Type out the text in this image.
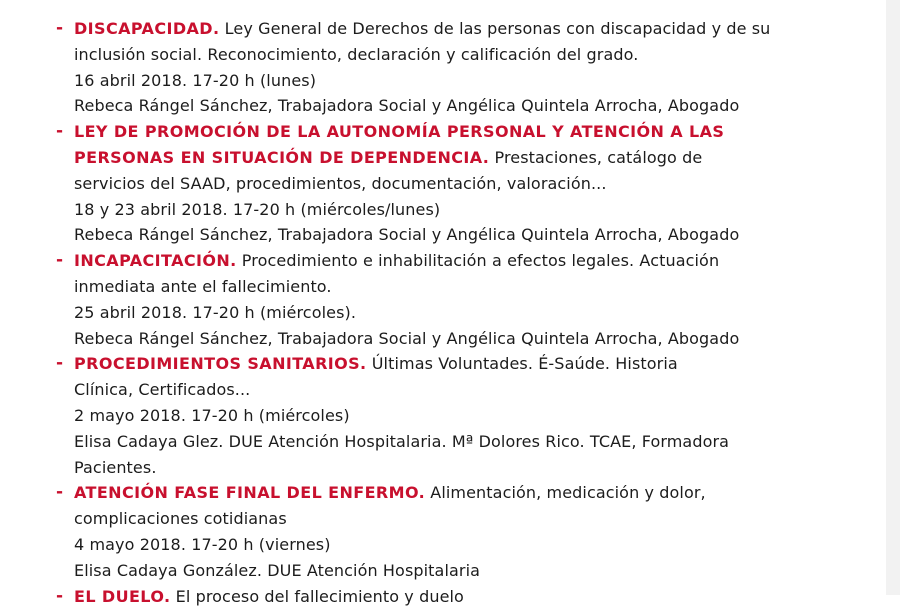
- DISCAPACIDAD. Ley General de Derechos de las personas con discapacidad y de su
inclusión social. Reconocimiento, declaración y calificación del grado.
16 abril 2018. 17-20 h (lunes)
Rebeca Rángel Sánchez, Trabajadora Social y Angélica Quintela Arrocha, Abogado
- LEY DE PROMOCIÓN DE LA AUTONOMÍA PERSONAL Y ATENCIÓN A LAS
PERSONAS EN SITUACIÓN DE DEPENDENCIA. Prestaciones, catálogo de
servicios del SAAD, procedimientos, documentación, valoración...
18 y 23 abril 2018. 17-20 h (miércoles/lunes)
Rebeca Rángel Sánchez, Trabajadora Social y Angélica Quintela Arrocha, Abogado
- INCAPACITACIÓN. Procedimiento e inhabilitación a efectos legales. Actuación
inmediata ante el fallecimiento.
25 abril 2018. 17-20 h (miércoles).
Rebeca Rángel Sánchez, Trabajadora Social y Angélica Quintela Arrocha, Abogado
- PROCEDIMIENTOS SANITARIOS. Últimas Voluntades. É-Saúde. Historia
Clínica, Certificados...
2 mayo 2018. 17-20 h (miércoles)
Elisa Cadaya Glez. DUE Atención Hospitalaria. Mª Dolores Rico. TCAE, Formadora
Pacientes.
- ATENCIÓN FASE FINAL DEL ENFERMO. Alimentación, medicación y dolor,
complicaciones cotidianas
4 mayo 2018. 17-20 h (viernes)
Elisa Cadaya González. DUE Atención Hospitalaria
- EL DUELO. El proceso del fallecimiento y duelo
